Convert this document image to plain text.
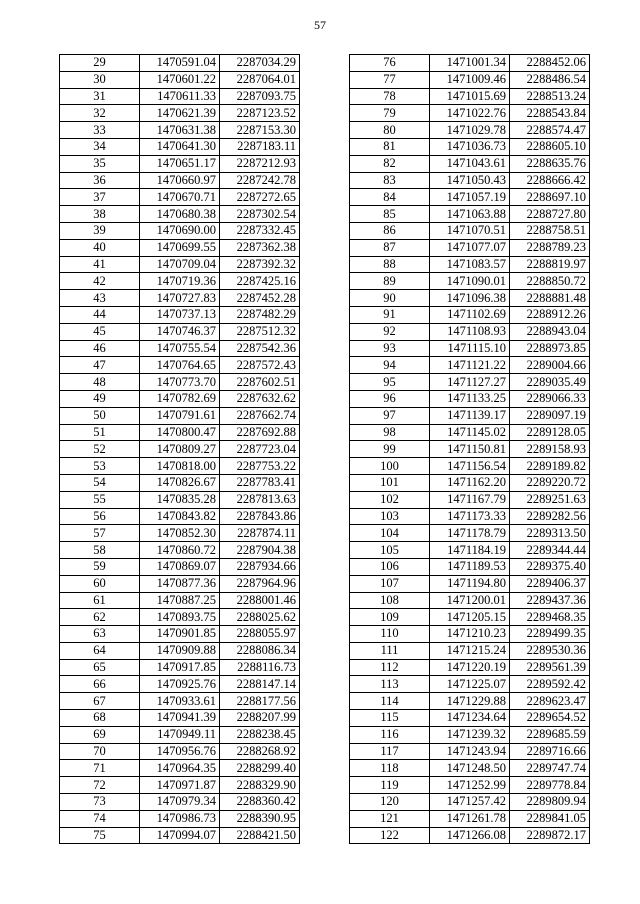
57
29	1470591.04	2287034.29
30	1470601.22	2287064.01
31	1470611.33	2287093.75
32	1470621.39	2287123.52
33	1470631.38	2287153.30
34	1470641.30	2287183.11
35	1470651.17	2287212.93
36	1470660.97	2287242.78
37	1470670.71	2287272.65
38	1470680.38	2287302.54
39	1470690.00	2287332.45
40	1470699.55	2287362.38
41	1470709.04	2287392.32
42	1470719.36	2287425.16
43	1470727.83	2287452.28
44	1470737.13	2287482.29
45	1470746.37	2287512.32
46	1470755.54	2287542.36
47	1470764.65	2287572.43
48	1470773.70	2287602.51
49	1470782.69	2287632.62
50	1470791.61	2287662.74
51	1470800.47	2287692.88
52	1470809.27	2287723.04
53	1470818.00	2287753.22
54	1470826.67	2287783.41
55	1470835.28	2287813.63
56	1470843.82	2287843.86
57	1470852.30	2287874.11
58	1470860.72	2287904.38
59	1470869.07	2287934.66
60	1470877.36	2287964.96
61	1470887.25	2288001.46
62	1470893.75	2288025.62
63	1470901.85	2288055.97
64	1470909.88	2288086.34
65	1470917.85	2288116.73
66	1470925.76	2288147.14
67	1470933.61	2288177.56
68	1470941.39	2288207.99
69	1470949.11	2288238.45
70	1470956.76	2288268.92
71	1470964.35	2288299.40
72	1470971.87	2288329.90
73	1470979.34	2288360.42
74	1470986.73	2288390.95
75	1470994.07	2288421.50
76	1471001.34	2288452.06
77	1471009.46	2288486.54
78	1471015.69	2288513.24
79	1471022.76	2288543.84
80	1471029.78	2288574.47
81	1471036.73	2288605.10
82	1471043.61	2288635.76
83	1471050.43	2288666.42
84	1471057.19	2288697.10
85	1471063.88	2288727.80
86	1471070.51	2288758.51
87	1471077.07	2288789.23
88	1471083.57	2288819.97
89	1471090.01	2288850.72
90	1471096.38	2288881.48
91	1471102.69	2288912.26
92	1471108.93	2288943.04
93	1471115.10	2288973.85
94	1471121.22	2289004.66
95	1471127.27	2289035.49
96	1471133.25	2289066.33
97	1471139.17	2289097.19
98	1471145.02	2289128.05
99	1471150.81	2289158.93
100	1471156.54	2289189.82
101	1471162.20	2289220.72
102	1471167.79	2289251.63
103	1471173.33	2289282.56
104	1471178.79	2289313.50
105	1471184.19	2289344.44
106	1471189.53	2289375.40
107	1471194.80	2289406.37
108	1471200.01	2289437.36
109	1471205.15	2289468.35
110	1471210.23	2289499.35
111	1471215.24	2289530.36
112	1471220.19	2289561.39
113	1471225.07	2289592.42
114	1471229.88	2289623.47
115	1471234.64	2289654.52
116	1471239.32	2289685.59
117	1471243.94	2289716.66
118	1471248.50	2289747.74
119	1471252.99	2289778.84
120	1471257.42	2289809.94
121	1471261.78	2289841.05
122	1471266.08	2289872.17
